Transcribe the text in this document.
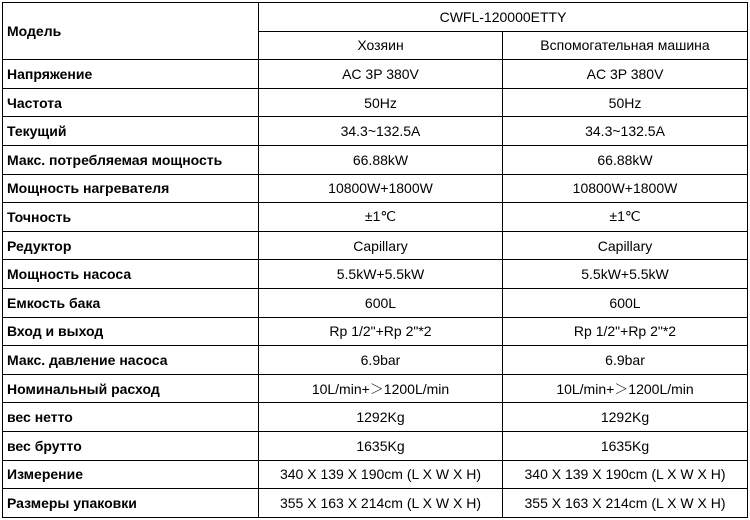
Модель	CWFL-120000ETTY	
	Хозяин	Вспомогательная машина
Напряжение	AC 3P 380V	AC 3P 380V
Частота	50Hz	50Hz
Текущий	34.3~132.5A	34.3~132.5A
Макс. потребляемая мощность	66.88kW	66.88kW
Мощность нагревателя	10800W+1800W	10800W+1800W
Точность	±1℃	±1℃
Редуктор	Capillary	Capillary
Мощность насоса	5.5kW+5.5kW	5.5kW+5.5kW
Емкость бака	600L	600L
Вход и выход	Rp 1/2"+Rp 2"*2	Rp 1/2"+Rp 2"*2
Макс. давление насоса	6.9bar	6.9bar
Номинальный расход	10L/min+＞1200L/min	10L/min+＞1200L/min
вес нетто	1292Kg	1292Kg
вес брутто	1635Kg	1635Kg
Измерение	340 X 139 X 190cm (L X W X H)	340 X 139 X 190cm (L X W X H)
Размеры упаковки	355 X 163 X 214cm (L X W X H)	355 X 163 X 214cm (L X W X H)
